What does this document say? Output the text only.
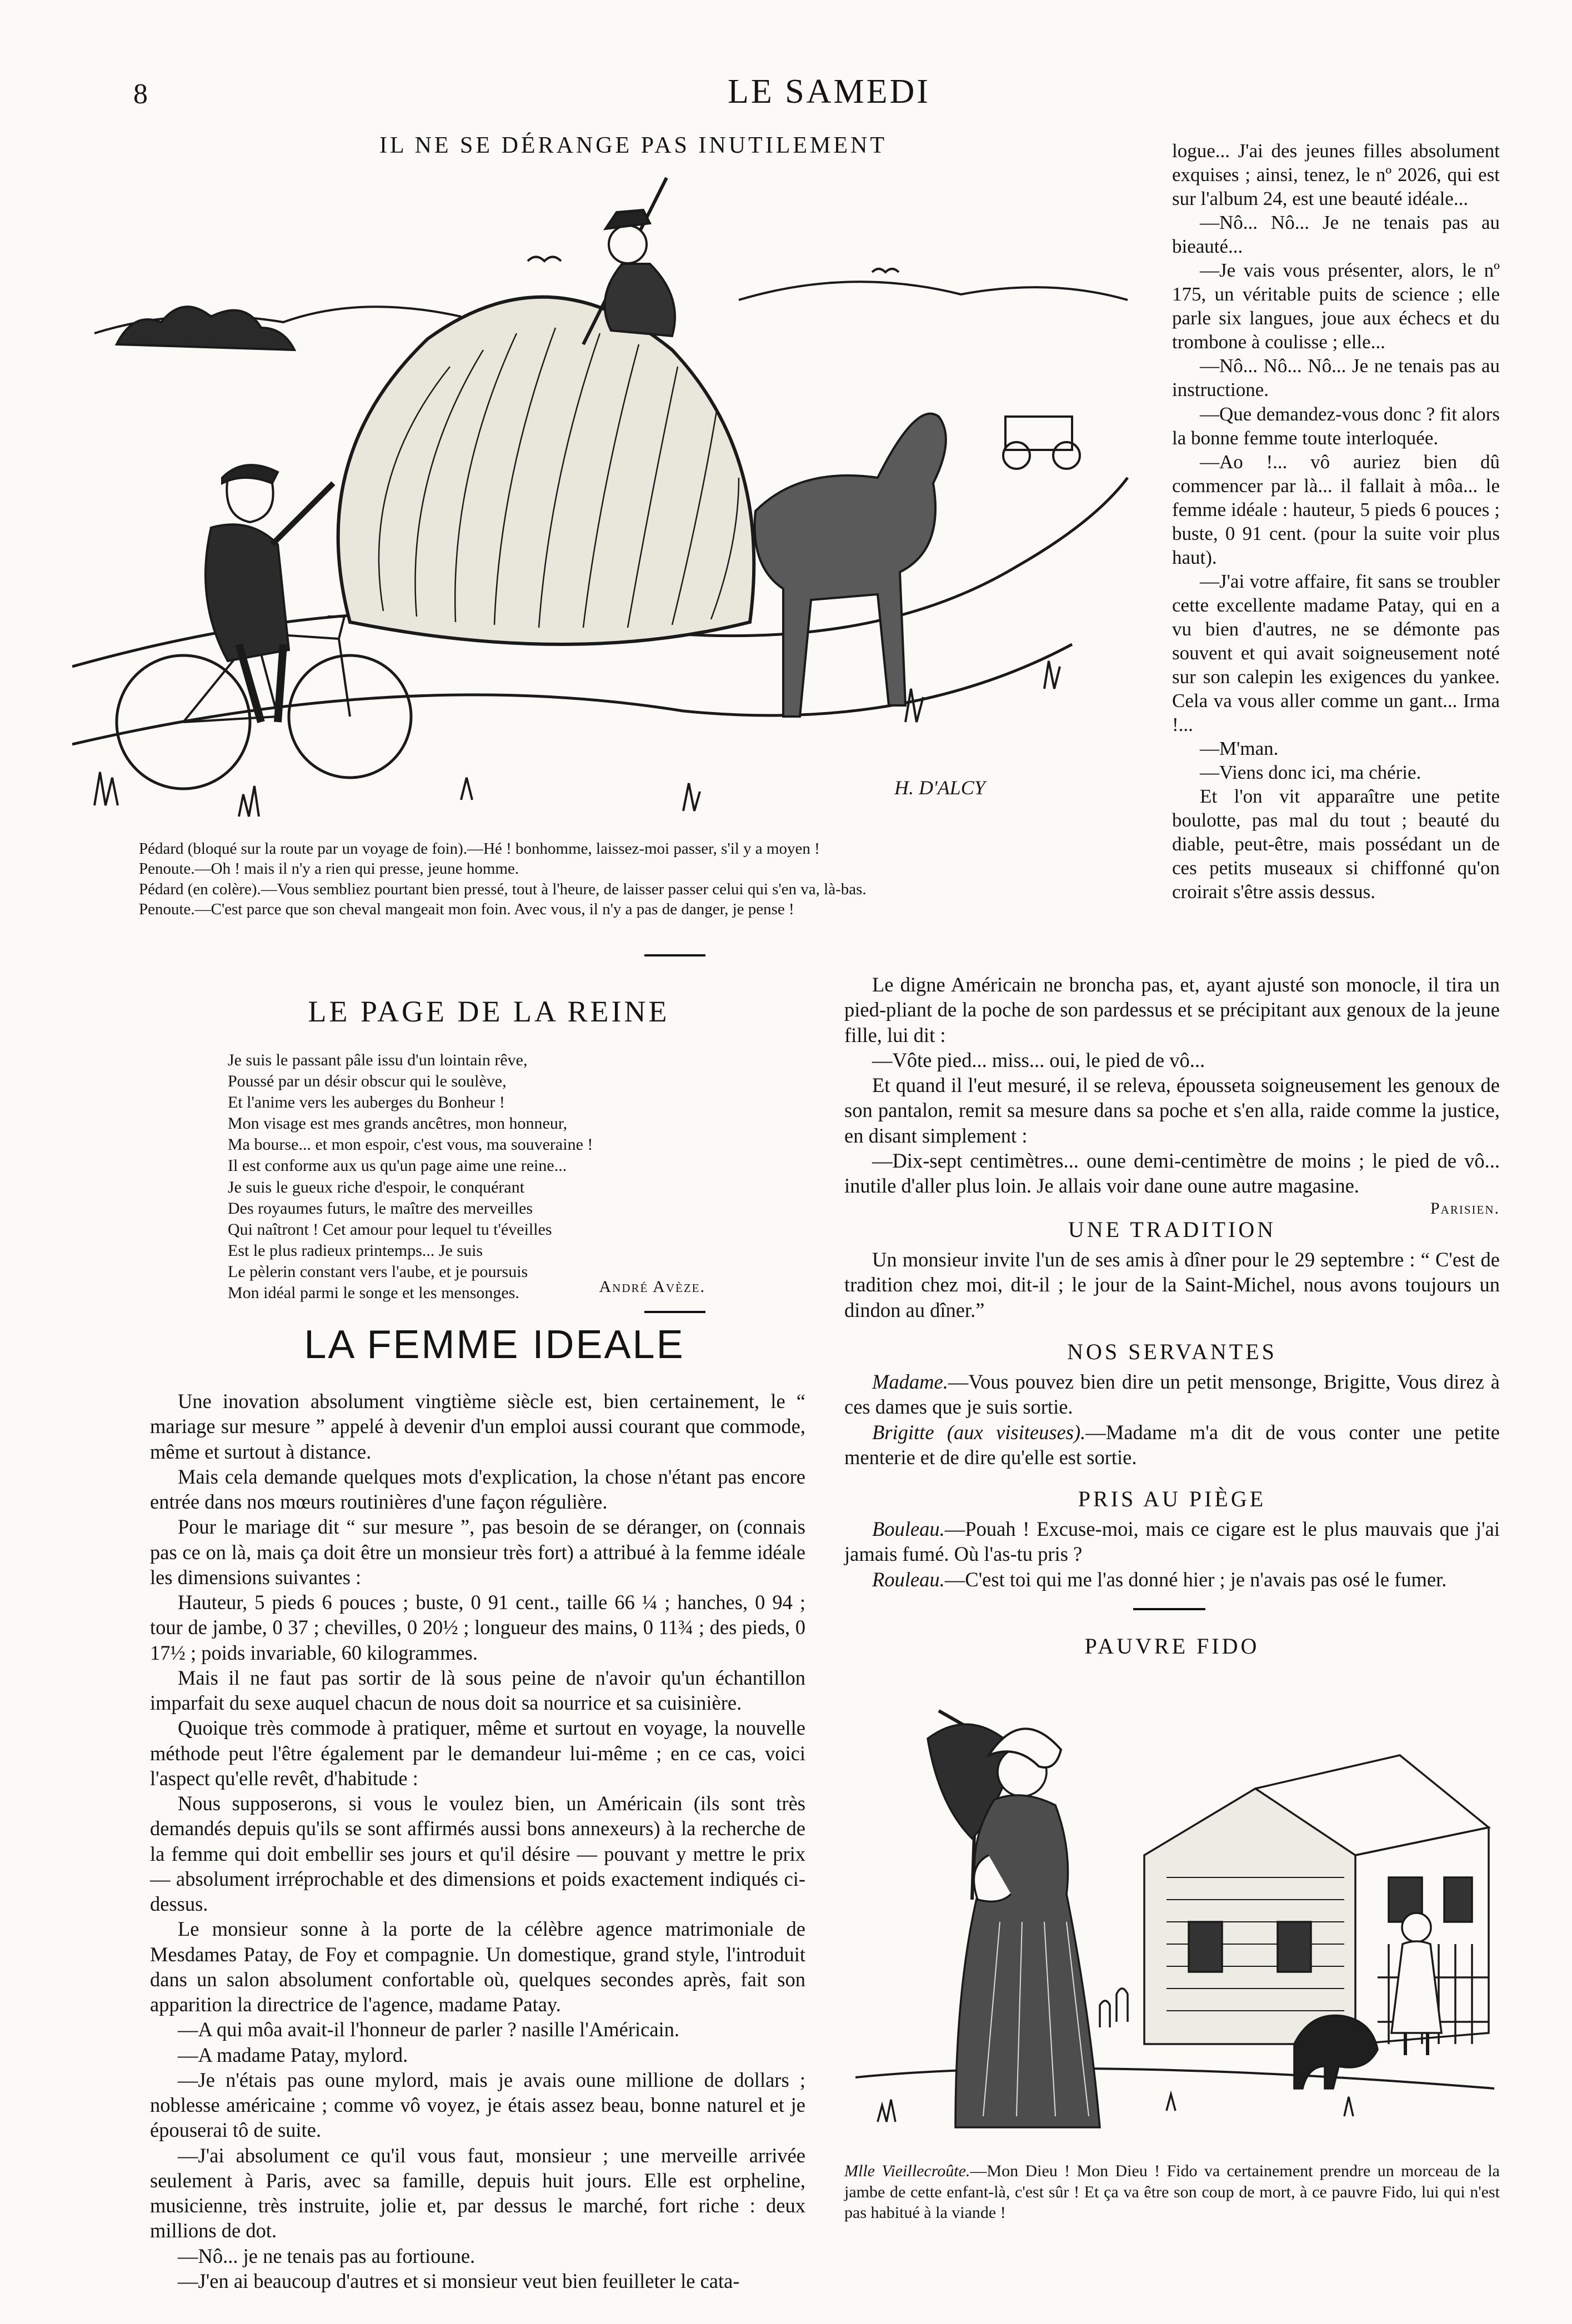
8	LE SAMEDI
IL NE SE DÉRANGE PAS INUTILEMENT
H. D'ALCY

Pédard (bloqué sur la route par un voyage de foin).—Hé ! bonhomme, laissez-moi passer, s'il y a moyen !

Penoute.—Oh ! mais il n'y a rien qui presse, jeune homme.

Pédard (en colère).—Vous sembliez pourtant bien pressé, tout à l'heure, de laisser passer celui qui s'en va, là-bas.

Penoute.—C'est parce que son cheval mangeait mon foin. Avec vous, il n'y a pas de danger, je pense !

LE PAGE DE LA REINE

Je suis le passant pâle issu d'un lointain rêve,

Poussé par un désir obscur qui le soulève,

Et l'anime vers les auberges du Bonheur !

Mon visage est mes grands ancêtres, mon honneur,

Ma bourse... et mon espoir, c'est vous, ma souveraine !

Il est conforme aux us qu'un page aime une reine...

Je suis le gueux riche d'espoir, le conquérant

Des royaumes futurs, le maître des merveilles

Qui naîtront ! Cet amour pour lequel tu t'éveilles

Est le plus radieux printemps... Je suis

Le pèlerin constant vers l'aube, et je poursuis

Mon idéal parmi le songe et les mensonges.	André Avèze.
LA FEMME IDEALE

Une inovation absolument vingtième siècle est, bien certainement, le “ mariage sur mesure ” appelé à devenir d'un emploi aussi courant que commode, même et surtout à distance.

Mais cela demande quelques mots d'explication, la chose n'étant pas encore entrée dans nos mœurs routinières d'une façon régulière.

Pour le mariage dit “ sur mesure ”, pas besoin de se déranger, on (connais pas ce on là, mais ça doit être un monsieur très fort) a attribué à la femme idéale les dimensions suivantes :

Hauteur, 5 pieds 6 pouces ; buste, 0 91 cent., taille 66 ¼ ; hanches, 0 94 ; tour de jambe, 0 37 ; chevilles, 0 20½ ; longueur des mains, 0 11¾ ; des pieds, 0 17½ ; poids invariable, 60 kilogrammes.

Mais il ne faut pas sortir de là sous peine de n'avoir qu'un échantillon imparfait du sexe auquel chacun de nous doit sa nourrice et sa cuisinière.

Quoique très commode à pratiquer, même et surtout en voyage, la nouvelle méthode peut l'être également par le demandeur lui-même ; en ce cas, voici l'aspect qu'elle revêt, d'habitude :

Nous supposerons, si vous le voulez bien, un Américain (ils sont très demandés depuis qu'ils se sont affirmés aussi bons annexeurs) à la recherche de la femme qui doit embellir ses jours et qu'il désire — pouvant y mettre le prix — absolument irréprochable et des dimensions et poids exactement indiqués ci-dessus.

Le monsieur sonne à la porte de la célèbre agence matrimoniale de Mesdames Patay, de Foy et compagnie. Un domestique, grand style, l'introduit dans un salon absolument confortable où, quelques secondes après, fait son apparition la directrice de l'agence, madame Patay.

—A qui môa avait-il l'honneur de parler ? nasille l'Américain.

—A madame Patay, mylord.

—Je n'étais pas oune mylord, mais je avais oune millione de dollars ; noblesse américaine ; comme vô voyez, je étais assez beau, bonne naturel et je épouserai tô de suite.

—J'ai absolument ce qu'il vous faut, monsieur ; une merveille arrivée seulement à Paris, avec sa famille, depuis huit jours. Elle est orpheline, musicienne, très instruite, jolie et, par dessus le marché, fort riche : deux millions de dot.

—Nô... je ne tenais pas au fortioune.

—J'en ai beaucoup d'autres et si monsieur veut bien feuilleter le cata-

logue... J'ai des jeunes filles absolument exquises ; ainsi, tenez, le nº 2026, qui est sur l'album 24, est une beauté idéale...

—Nô... Nô... Je ne tenais pas au bieauté...

—Je vais vous présenter, alors, le nº 175, un véritable puits de science ; elle parle six langues, joue aux échecs et du trombone à coulisse ; elle...

—Nô... Nô... Nô... Je ne tenais pas au instructione.

—Que demandez-vous donc ? fit alors la bonne femme toute interloquée.

—Ao !... vô auriez bien dû commencer par là... il fallait à môa... le femme idéale : hauteur, 5 pieds 6 pouces ; buste, 0 91 cent. (pour la suite voir plus haut).

—J'ai votre affaire, fit sans se troubler cette excellente madame Patay, qui en a vu bien d'autres, ne se démonte pas souvent et qui avait soigneusement noté sur son calepin les exigences du yankee. Cela va vous aller comme un gant... Irma !...

—M'man.

—Viens donc ici, ma chérie.

Et l'on vit apparaître une petite boulotte, pas mal du tout ; beauté du diable, peut-être, mais possédant un de ces petits museaux si chiffonné qu'on croirait s'être assis dessus.

Le digne Américain ne broncha pas, et, ayant ajusté son monocle, il tira un pied-pliant de la poche de son pardessus et se précipitant aux genoux de la jeune fille, lui dit :

—Vôte pied... miss... oui, le pied de vô...

Et quand il l'eut mesuré, il se releva, épousseta soigneusement les genoux de son pantalon, remit sa mesure dans sa poche et s'en alla, raide comme la justice, en disant simplement :

—Dix-sept centimètres... oune demi-centimètre de moins ; le pied de vô... inutile d'aller plus loin. Je allais voir dane oune autre magasine.

Parisien.

UNE TRADITION

Un monsieur invite l'un de ses amis à dîner pour le 29 septembre : “ C'est de tradition chez moi, dit-il ; le jour de la Saint-Michel, nous avons toujours un dindon au dîner.”

NOS SERVANTES

Madame.—Vous pouvez bien dire un petit mensonge, Brigitte, Vous direz à ces dames que je suis sortie.

Brigitte (aux visiteuses).—Madame m'a dit de vous conter une petite menterie et de dire qu'elle est sortie.

PRIS AU PIÈGE

Bouleau.—Pouah ! Excuse-moi, mais ce cigare est le plus mauvais que j'ai jamais fumé. Où l'as-tu pris ?

Rouleau.—C'est toi qui me l'as donné hier ; je n'avais pas osé le fumer.

PAUVRE FIDO

Mlle Vieillecroûte.—Mon Dieu ! Mon Dieu ! Fido va certainement prendre un morceau de la jambe de cette enfant-là, c'est sûr ! Et ça va être son coup de mort, à ce pauvre Fido, lui qui n'est pas habitué à la viande !
